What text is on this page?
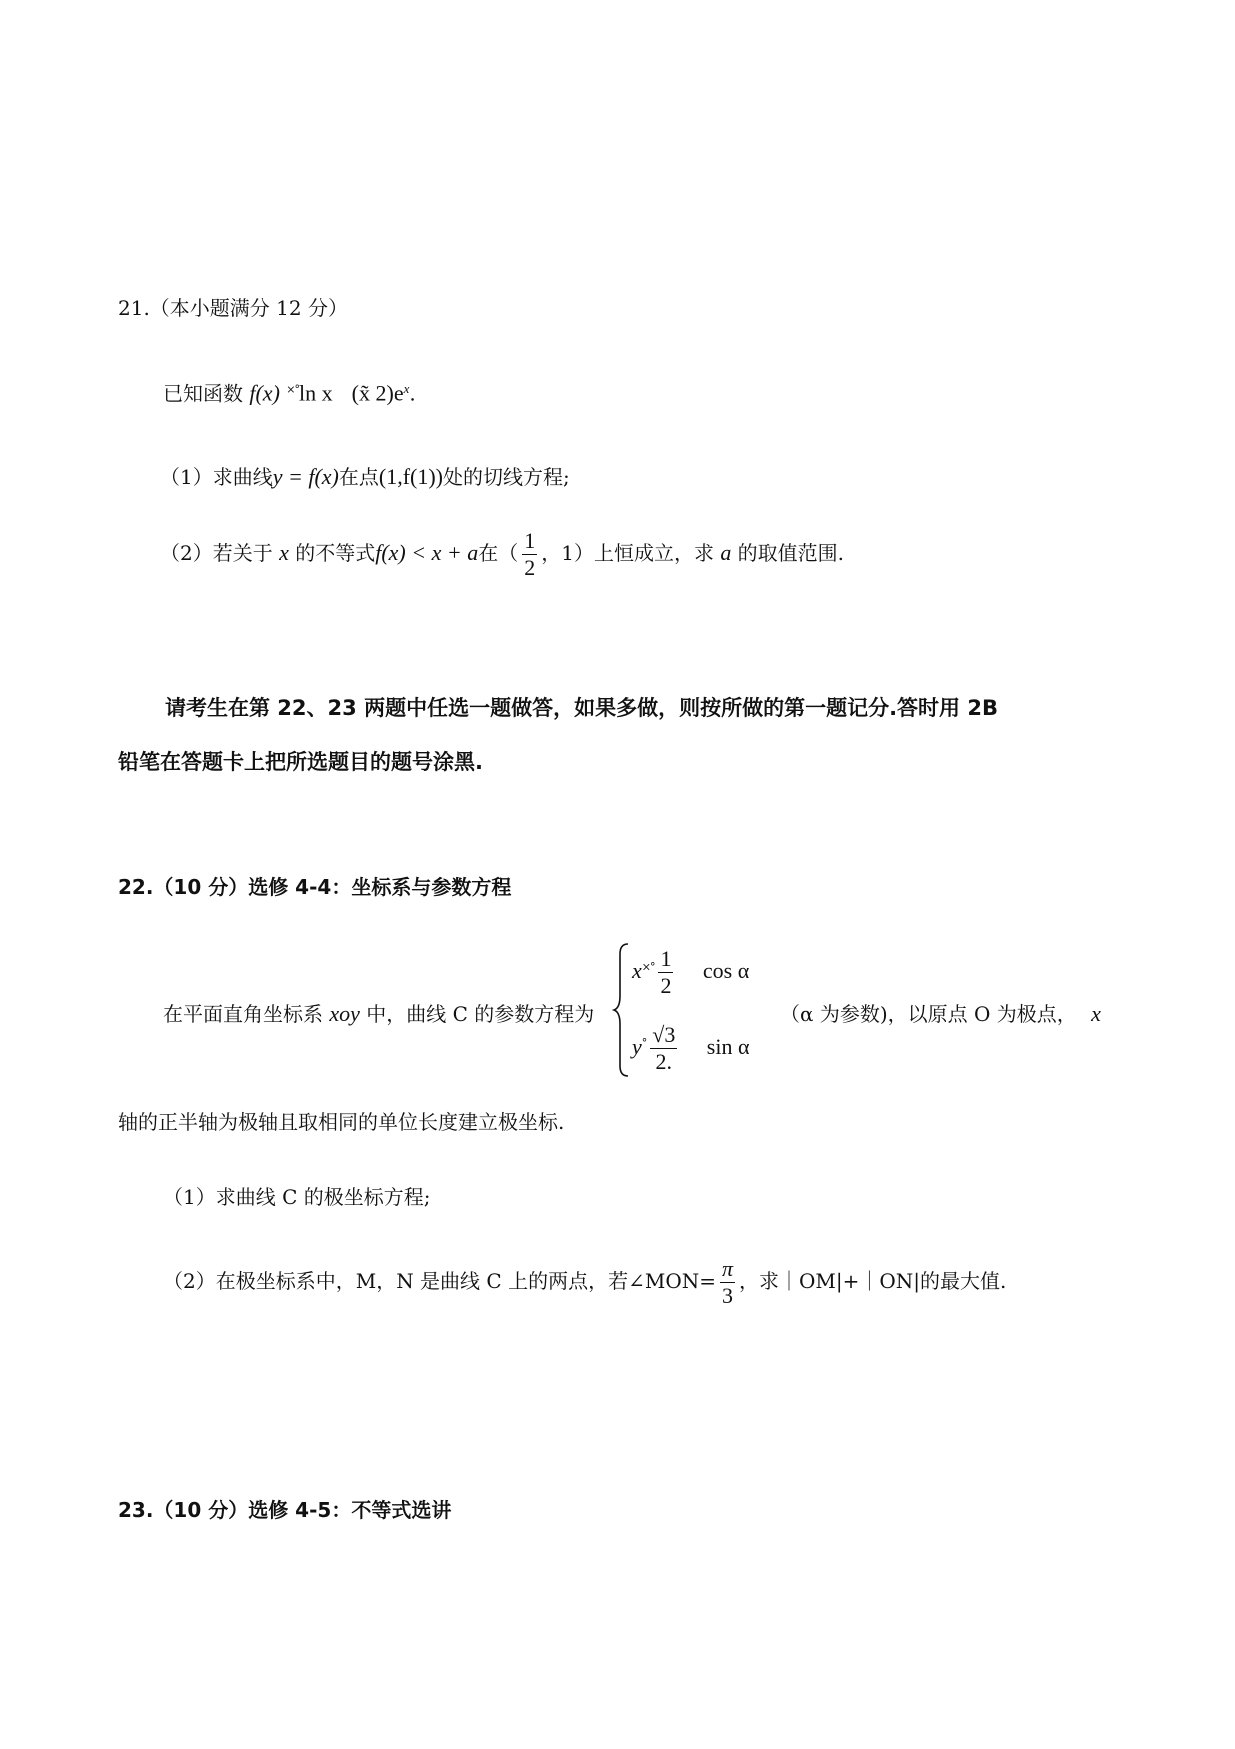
21.（本小题满分 12 分）
已知函数 f(x) ×°ln x (x̃ $2)e^x$.
（1）求曲线y = f(x)在点(1,f(1))处的切线方程;
（2）若关于 x 的不等式f(x) < x + a在（ $\frac{1}{2}$ ，1）上恒成立，求 a 的取值范围.
请考生在第 22、23 两题中任选一题做答，如果多做，则按所做的第一题记分.答时用 2B
铅笔在答题卡上把所选题目的题号涂黑.
22.（10 分）选修 4-4：坐标系与参数方程
在平面直角坐标系 xoy 中，曲线 C 的参数方程为
$x^{\times^\circ} \frac{1}{2}$ cos α
$y^\circ \frac{√3}{2.}$ sin α
（α 为参数)，以原点 O 为极点， x
轴的正半轴为极轴且取相同的单位长度建立极坐标.
（1）求曲线 C 的极坐标方程;
（2）在极坐标系中，M，N 是曲线 C 上的两点，若∠MON= $\frac{\pi}{3}$ ，求｜OM|+｜ON|的最大值.
23.（10 分）选修 4-5：不等式选讲
